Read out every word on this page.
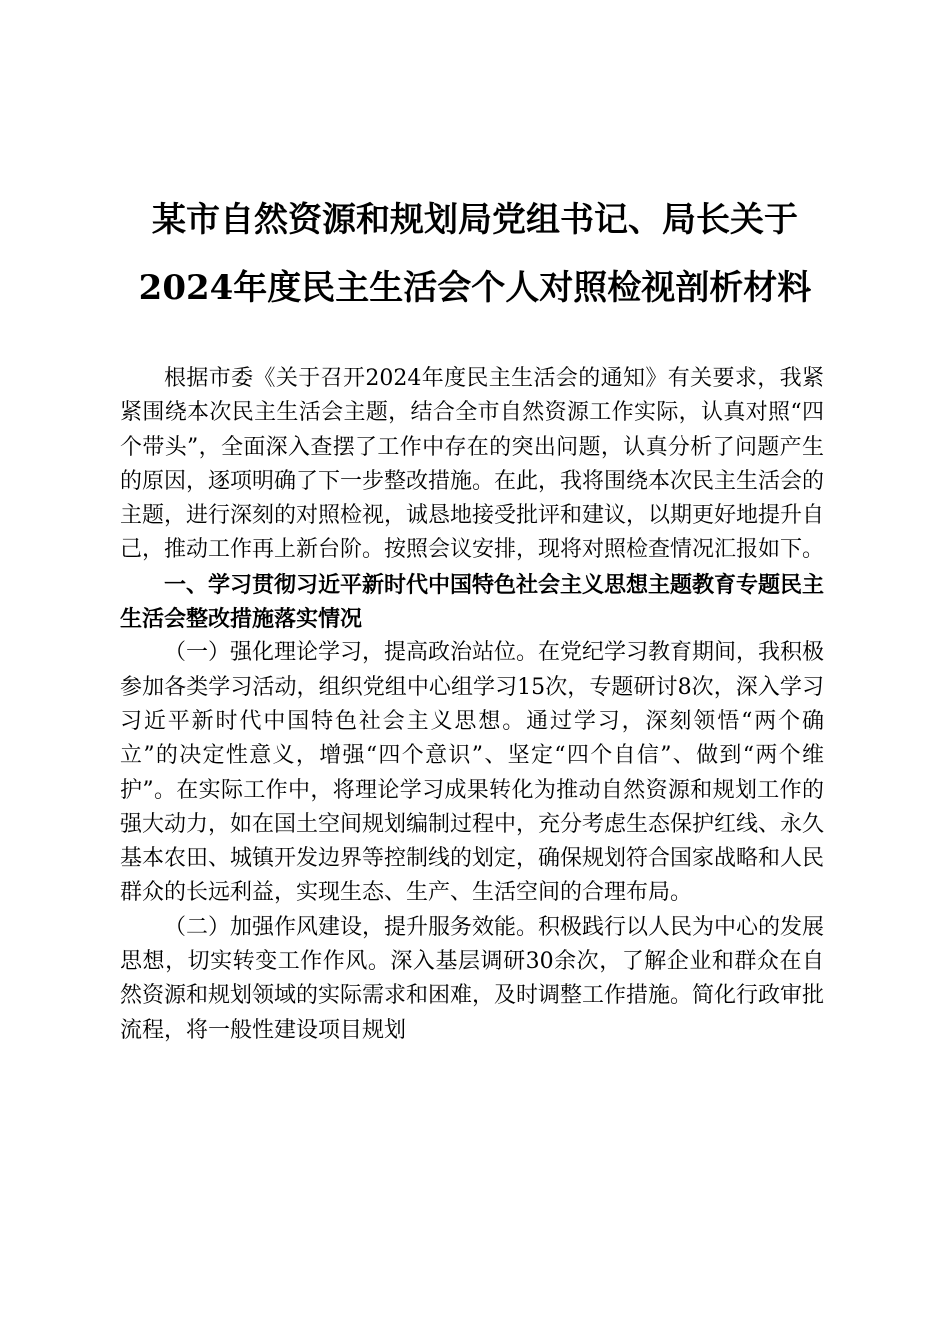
某市自然资源和规划局党组书记、局长关于
2024年度民主生活会个人对照检视剖析材料

根据市委《关于召开2024年度民主生活会的通知》有关要求，我紧紧围绕本次民主生活会主题，结合全市自然资源工作实际，认真对照“四个带头”，全面深入查摆了工作中存在的突出问题，认真分析了问题产生的原因，逐项明确了下一步整改措施。在此，我将围绕本次民主生活会的主题，进行深刻的对照检视，诚恳地接受批评和建议，以期更好地提升自己，推动工作再上新台阶。按照会议安排，现将对照检查情况汇报如下。

一、学习贯彻习近平新时代中国特色社会主义思想主题教育专题民主生活会整改措施落实情况

（一）强化理论学习，提高政治站位。在党纪学习教育期间，我积极参加各类学习活动，组织党组中心组学习15次，专题研讨8次，深入学习习近平新时代中国特色社会主义思想。通过学习，深刻领悟“两个确立”的决定性意义，增强“四个意识”、坚定“四个自信”、做到“两个维护”。在实际工作中，将理论学习成果转化为推动自然资源和规划工作的强大动力，如在国土空间规划编制过程中，充分考虑生态保护红线、永久基本农田、城镇开发边界等控制线的划定，确保规划符合国家战略和人民群众的长远利益，实现生态、生产、生活空间的合理布局。

（二）加强作风建设，提升服务效能。积极践行以人民为中心的发展思想，切实转变工作作风。深入基层调研30余次，了解企业和群众在自然资源和规划领域的实际需求和困难，及时调整工作措施。简化行政审批流程，将一般性建设项目规划
